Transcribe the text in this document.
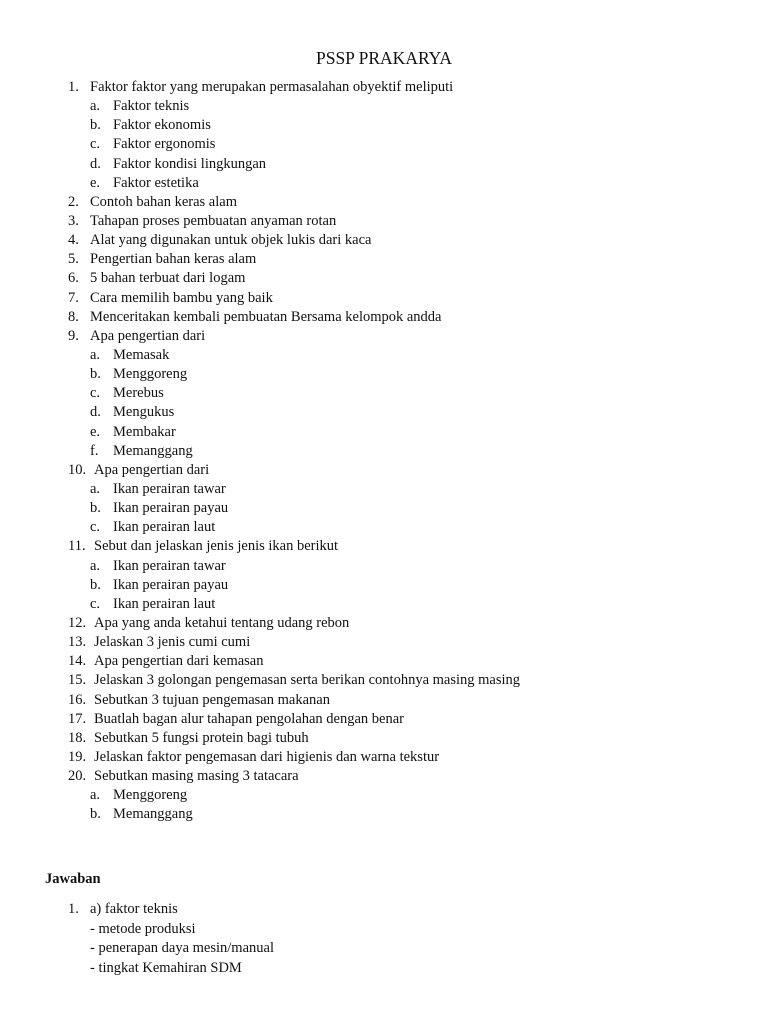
PSSP PRAKARYA
1. Faktor faktor yang merupakan permasalahan obyektif meliputi
a. Faktor teknis
b. Faktor ekonomis
c. Faktor ergonomis
d. Faktor kondisi lingkungan
e. Faktor estetika
2. Contoh bahan keras alam
3. Tahapan proses pembuatan anyaman rotan
4. Alat yang digunakan untuk objek lukis dari kaca
5. Pengertian bahan keras alam
6. 5 bahan terbuat dari logam
7. Cara memilih bambu yang baik
8. Menceritakan kembali pembuatan Bersama kelompok andda
9. Apa pengertian dari
a. Memasak
b. Menggoreng
c. Merebus
d. Mengukus
e. Membakar
f. Memanggang
10. Apa pengertian dari
a. Ikan perairan tawar
b. Ikan perairan payau
c. Ikan perairan laut
11. Sebut dan jelaskan jenis jenis ikan berikut
a. Ikan perairan tawar
b. Ikan perairan payau
c. Ikan perairan laut
12. Apa yang anda ketahui tentang udang rebon
13. Jelaskan 3 jenis cumi cumi
14. Apa pengertian dari kemasan
15. Jelaskan 3 golongan pengemasan serta berikan contohnya masing masing
16. Sebutkan 3 tujuan pengemasan makanan
17. Buatlah bagan alur tahapan pengolahan dengan benar
18. Sebutkan 5 fungsi protein bagi tubuh
19. Jelaskan faktor pengemasan dari higienis dan warna tekstur
20. Sebutkan masing masing 3 tatacara
a. Menggoreng
b. Memanggang
Jawaban
1. a) faktor teknis
- metode produksi
- penerapan daya mesin/manual
- tingkat Kemahiran SDM
